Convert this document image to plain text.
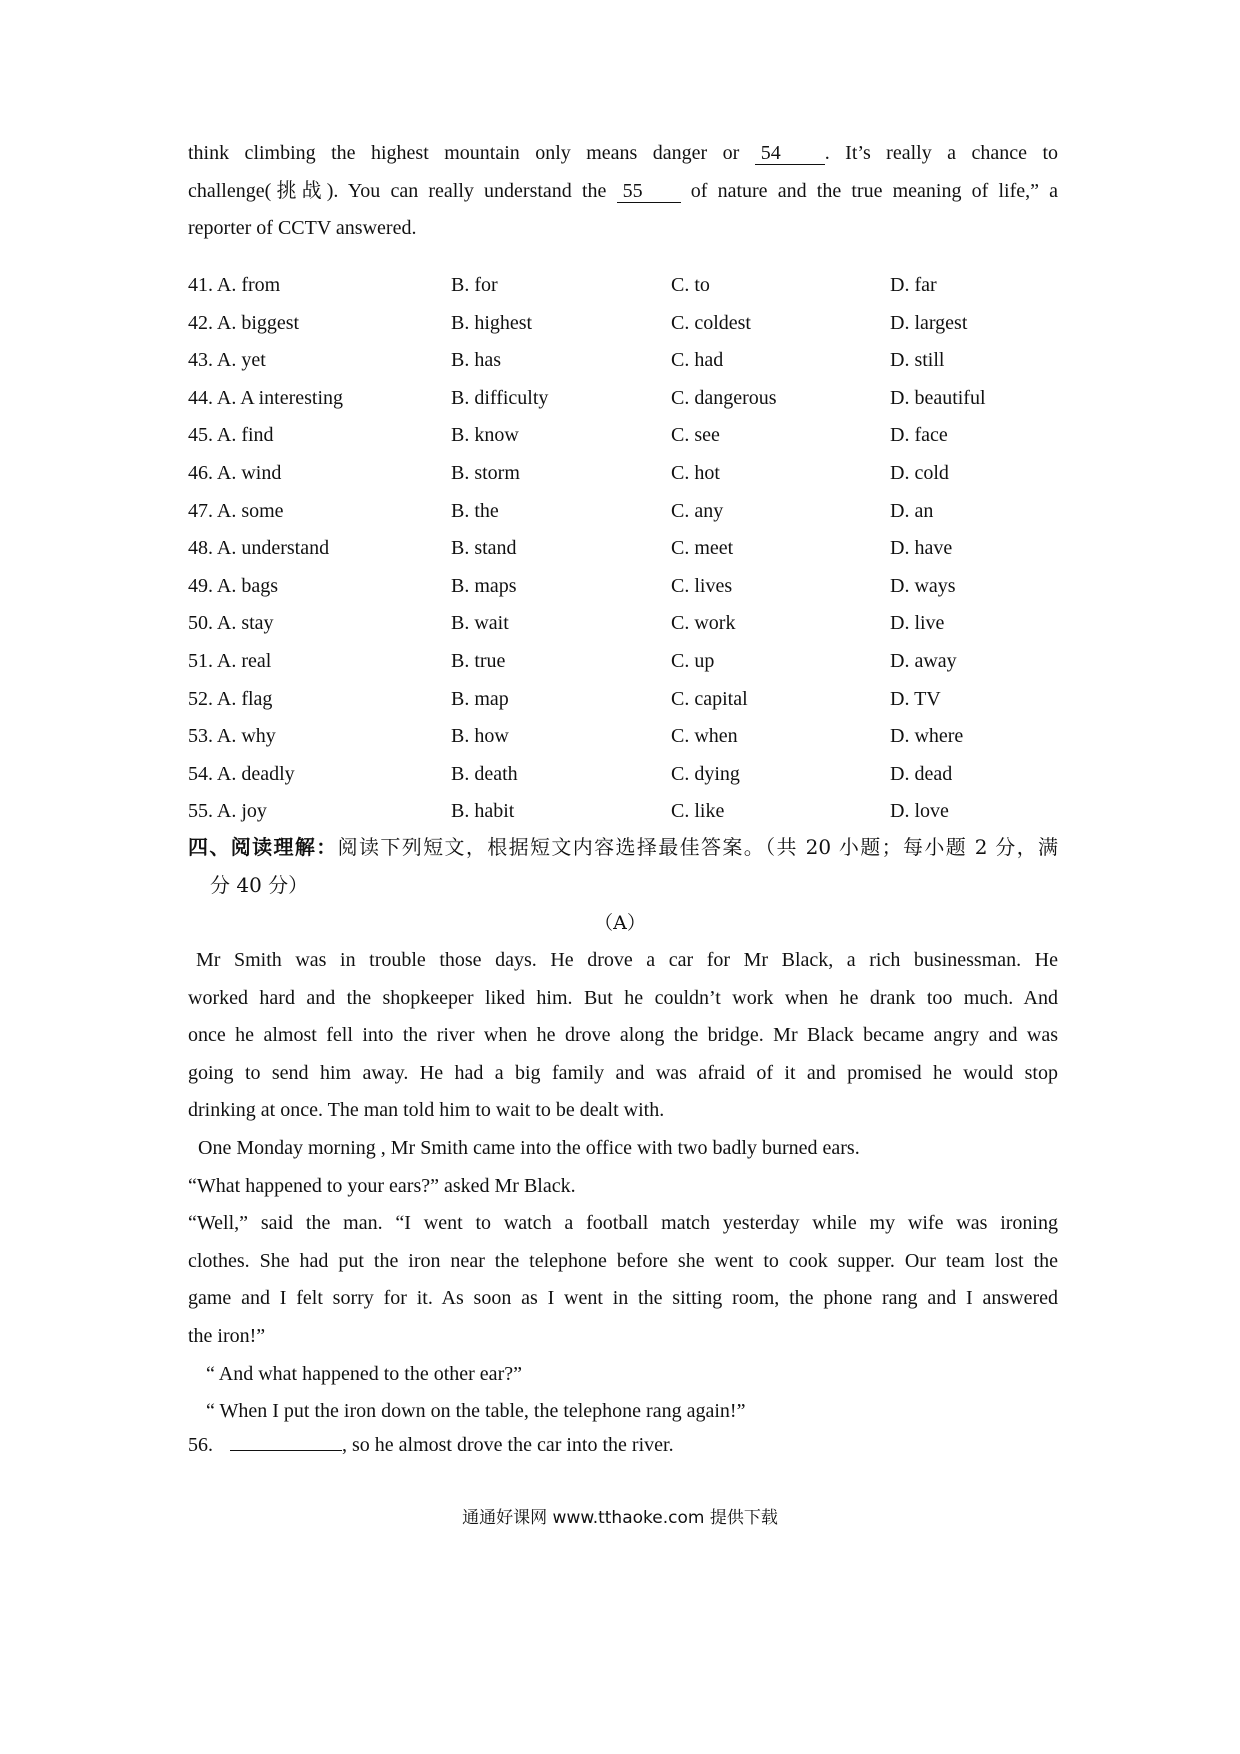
think climbing the highest mountain only means danger or 54 . It’s really a chance to
challenge(挑战). You can really understand the 55 of nature and the true meaning of life,” a
reporter of CCTV answered.
41. A. from	B. for	C. to	D. far
42. A. biggest	B. highest	C. coldest	D. largest
43. A. yet	B. has	C. had	D. still
44. A. A interesting	B. difficulty	C. dangerous	D. beautiful
45. A. find	B. know	C. see	D. face
46. A. wind	B. storm	C. hot	D. cold
47. A. some	B. the	C. any	D. an
48. A. understand	B. stand	C. meet	D. have
49. A. bags	B. maps	C. lives	D. ways
50. A. stay	B. wait	C. work	D. live
51. A. real	B. true	C. up	D. away
52. A. flag	B. map	C. capital	D. TV
53. A. why	B. how	C. when	D. where
54. A. deadly	B. death	C. dying	D. dead
55. A. joy	B. habit	C. like	D. love
四、阅读理解：阅读下列短文，根据短文内容选择最佳答案。（共 20 小题；每小题 2 分，满
分 40 分）
（A）
Mr Smith was in trouble those days. He drove a car for Mr Black, a rich businessman. He
worked hard and the shopkeeper liked him. But he couldn’t work when he drank too much. And
once he almost fell into the river when he drove along the bridge. Mr Black became angry and was
going to send him away. He had a big family and was afraid of it and promised he would stop
drinking at once. The man told him to wait to be dealt with.
One Monday morning , Mr Smith came into the office with two badly burned ears.
“What happened to your ears?” asked Mr Black.
“Well,” said the man. “I went to watch a football match yesterday while my wife was ironing
clothes. She had put the iron near the telephone before she went to cook supper. Our team lost the
game and I felt sorry for it. As soon as I went in the sitting room, the phone rang and I answered
the iron!”
“ And what happened to the other ear?”
“ When I put the iron down on the table, the telephone rang again!”
56.	, so he almost drove the car into the river.
通通好课网 www.tthaoke.com 提供下载
